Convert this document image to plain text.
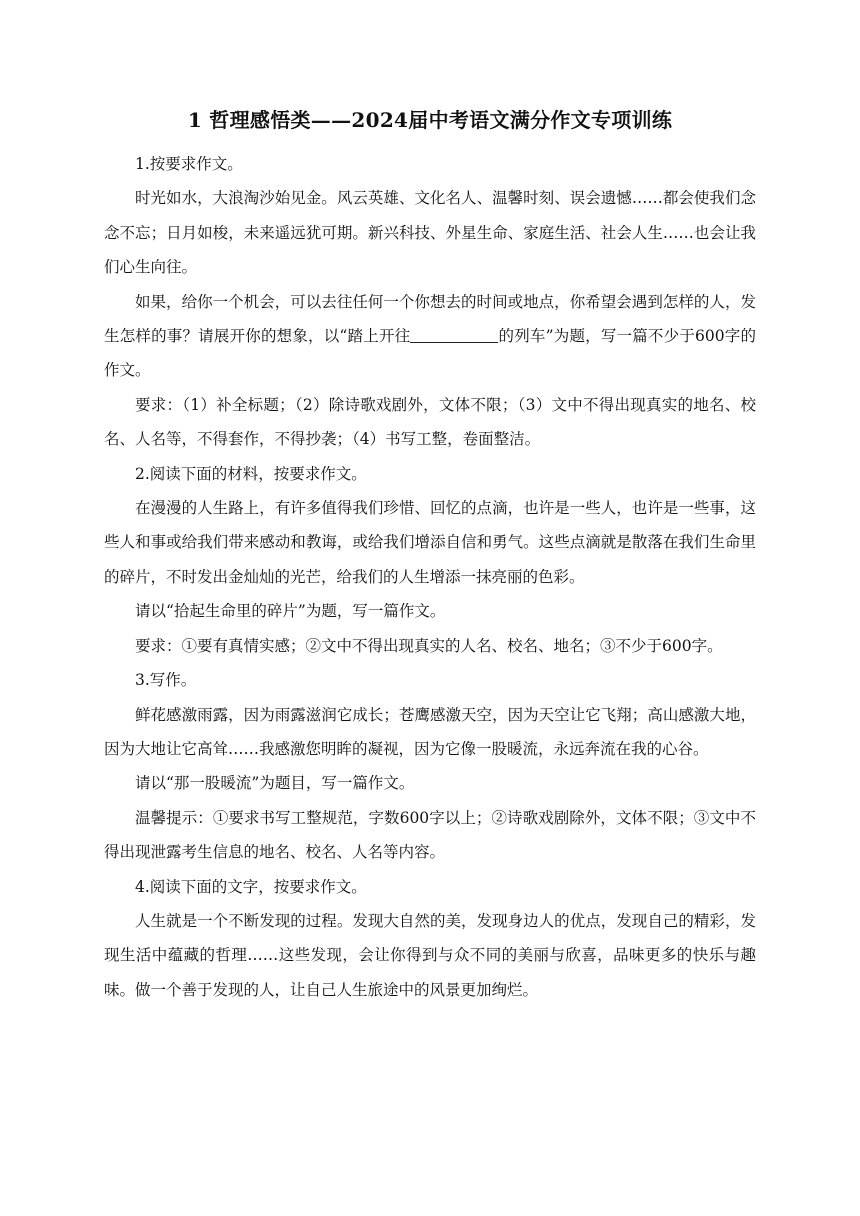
1 哲理感悟类——2024届中考语文满分作文专项训练

1.按要求作文。

时光如水，大浪淘沙始见金。风云英雄、文化名人、温馨时刻、误会遗憾……都会使我们念念不忘；日月如梭，未来遥远犹可期。新兴科技、外星生命、家庭生活、社会人生……也会让我们心生向往。

如果，给你一个机会，可以去往任何一个你想去的时间或地点，你希望会遇到怎样的人，发生怎样的事？请展开你的想象，以“踏上开往	的列车”为题，写一篇不少于600字的作文。

要求：（1）补全标题；（2）除诗歌戏剧外，文体不限；（3）文中不得出现真实的地名、校名、人名等，不得套作，不得抄袭；（4）书写工整，卷面整洁。

2.阅读下面的材料，按要求作文。

在漫漫的人生路上，有许多值得我们珍惜、回忆的点滴，也许是一些人，也许是一些事，这些人和事或给我们带来感动和教诲，或给我们增添自信和勇气。这些点滴就是散落在我们生命里的碎片，不时发出金灿灿的光芒，给我们的人生增添一抹亮丽的色彩。

请以“拾起生命里的碎片”为题，写一篇作文。

要求：①要有真情实感；②文中不得出现真实的人名、校名、地名；③不少于600字。

3.写作。

鲜花感激雨露，因为雨露滋润它成长；苍鹰感激天空，因为天空让它飞翔；高山感激大地，因为大地让它高耸……我感激您明眸的凝视，因为它像一股暖流，永远奔流在我的心谷。

请以“那一股暖流”为题目，写一篇作文。

温馨提示：①要求书写工整规范，字数600字以上；②诗歌戏剧除外，文体不限；③文中不得出现泄露考生信息的地名、校名、人名等内容。

4.阅读下面的文字，按要求作文。

人生就是一个不断发现的过程。发现大自然的美，发现身边人的优点，发现自己的精彩，发现生活中蕴藏的哲理……这些发现，会让你得到与众不同的美丽与欣喜，品味更多的快乐与趣味。做一个善于发现的人，让自己人生旅途中的风景更加绚烂。
